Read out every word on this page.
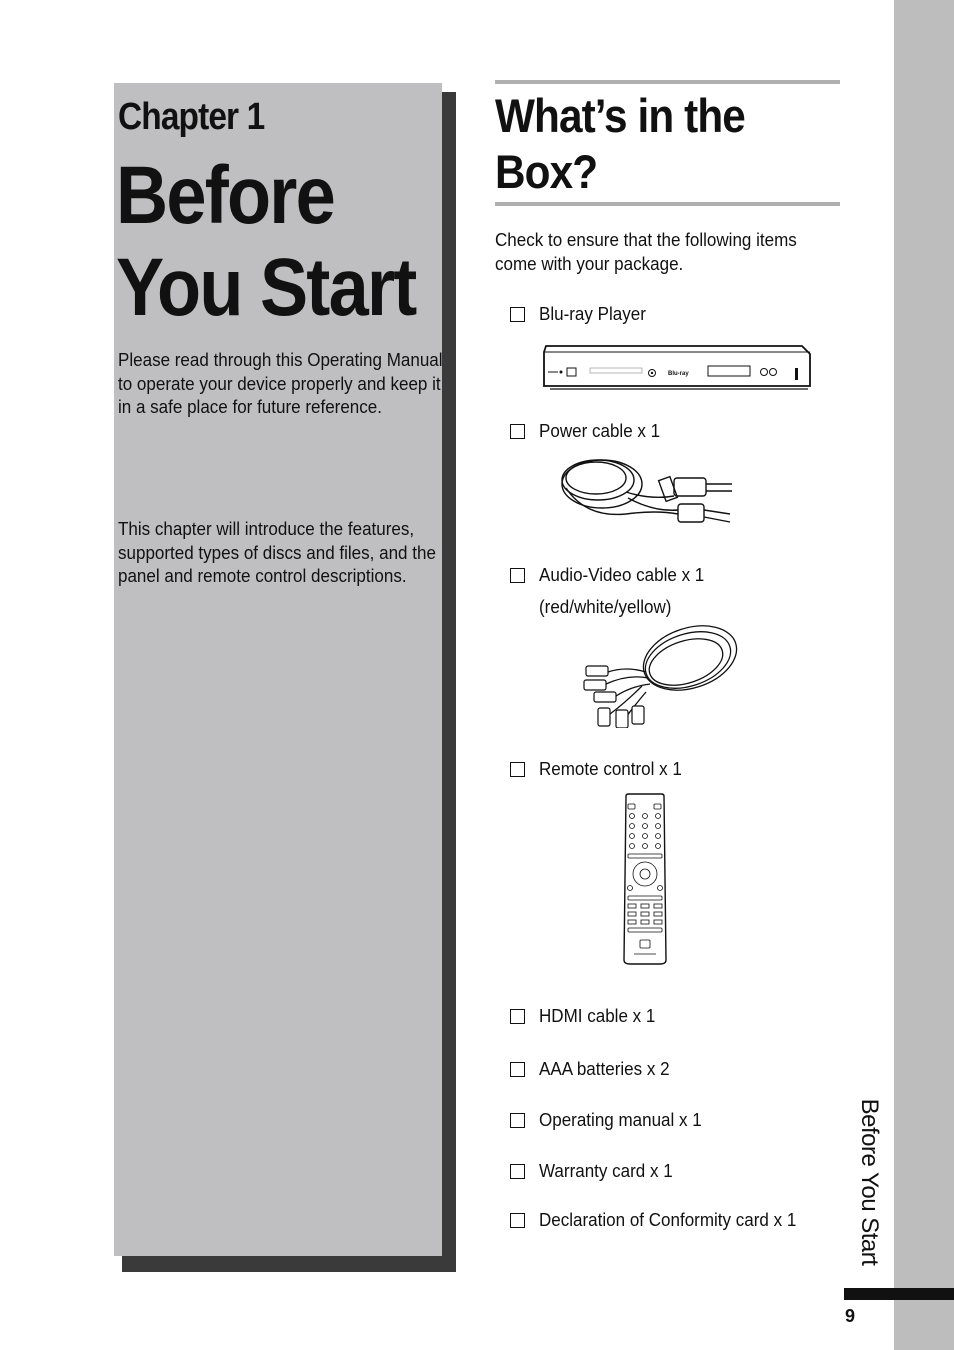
Before You Start
9
Chapter 1
Before
You Start
Please read through this Operating Manual to operate your device properly and keep it in a safe place for future reference.
This chapter will introduce the features, supported types of discs and files, and the panel and remote control descriptions.
What’s in the
Box?
Check to ensure that the following items come with your package.
Blu-ray Player
Blu-ray
Power cable x 1
Audio-Video cable x 1
(red/white/yellow)
Remote control x 1
HDMI cable x 1
AAA batteries x 2
Operating manual x 1
Warranty card x 1
Declaration of Conformity card x 1
